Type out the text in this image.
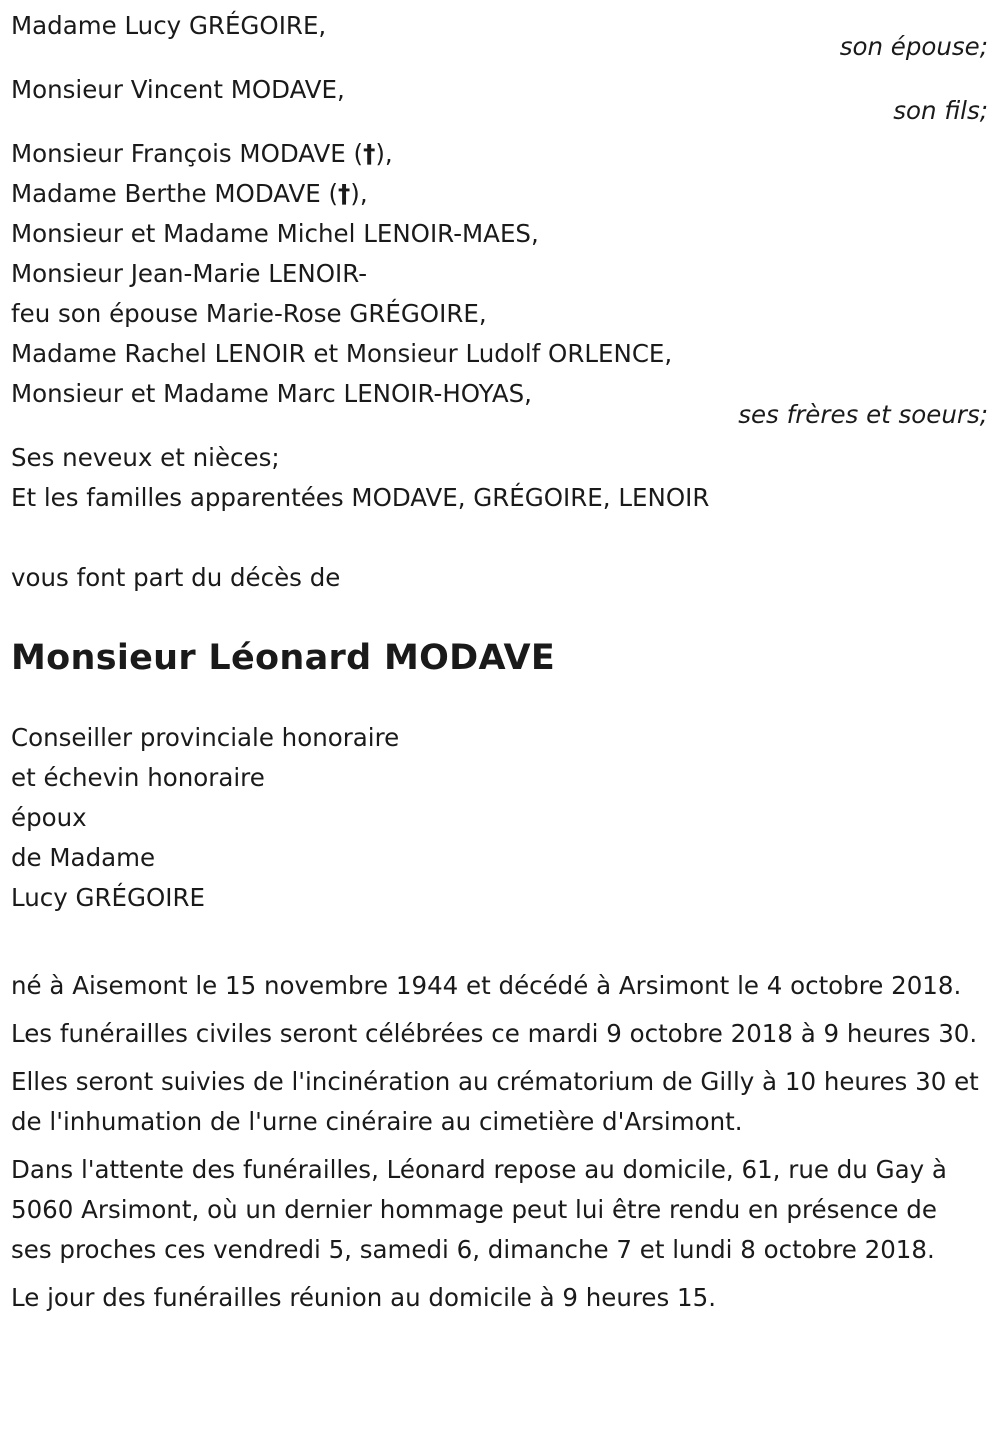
Madame Lucy GRÉGOIRE,
son épouse;
Monsieur Vincent MODAVE,
son fils;
Monsieur François MODAVE (†),
Madame Berthe MODAVE (†),
Monsieur et Madame Michel LENOIR-MAES,
Monsieur Jean-Marie LENOIR-
feu son épouse Marie-Rose GRÉGOIRE,
Madame Rachel LENOIR et Monsieur Ludolf ORLENCE,
Monsieur et Madame Marc LENOIR-HOYAS,
ses frères et soeurs;
Ses neveux et nièces;
Et les familles apparentées MODAVE, GRÉGOIRE, LENOIR
vous font part du décès de
Monsieur Léonard MODAVE
Conseiller provinciale honoraire
et échevin honoraire
époux
de Madame
Lucy GRÉGOIRE
né à Aisemont le 15 novembre 1944 et décédé à Arsimont le 4 octobre 2018.
Les funérailles civiles seront célébrées ce mardi 9 octobre 2018 à 9 heures 30.
Elles seront suivies de l'incinération au crématorium de Gilly à 10 heures 30 et de l'inhumation de l'urne cinéraire au cimetière d'Arsimont.
Dans l'attente des funérailles, Léonard repose au domicile, 61, rue du Gay à 5060 Arsimont, où un dernier hommage peut lui être rendu en présence de ses proches ces vendredi 5, samedi 6, dimanche 7 et lundi 8 octobre 2018.
Le jour des funérailles réunion au domicile à 9 heures 15.
